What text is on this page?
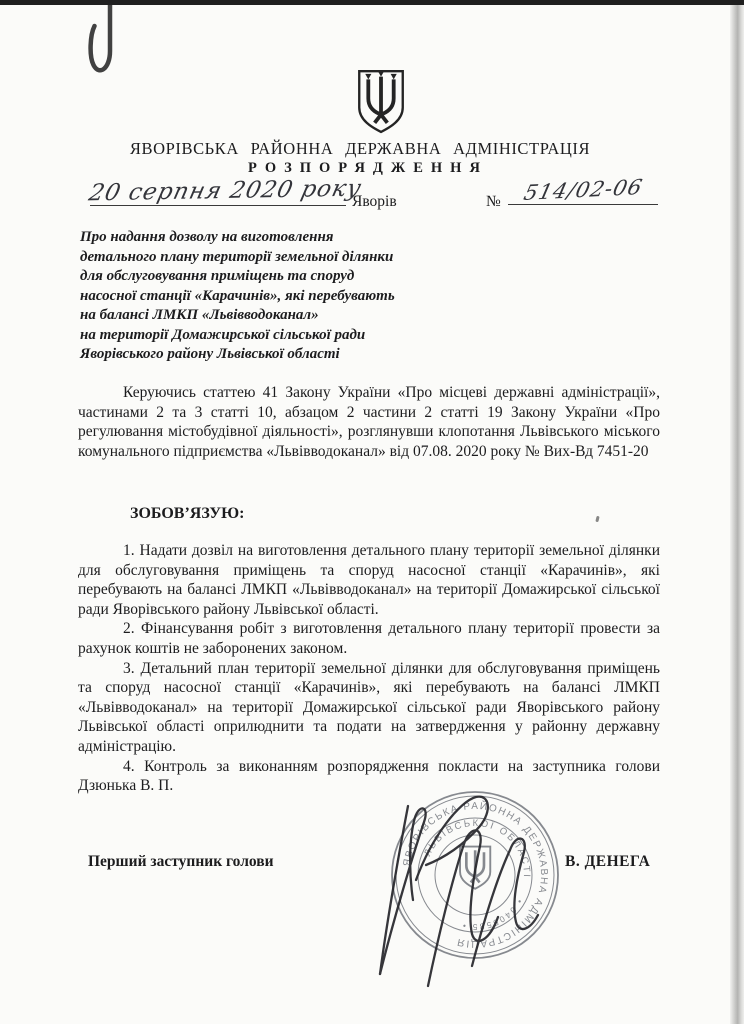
ЯВОРІВСЬКА РАЙОННА ДЕРЖАВНА АДМІНІСТРАЦІЯ
РОЗПОРЯДЖЕННЯ
20 серпня 2020 року
Яворів	№ 514/02-06
Про надання дозволу на виготовлення
детального плану території земельної ділянки
для обслуговування приміщень та споруд
насосної станції «Карачинів», які перебувають
на балансі ЛМКП «Львівводоканал»
на території Домажирської сільської ради
Яворівського району Львівської області

Керуючись статтею 41 Закону України «Про місцеві державні адміністрації», частинами 2 та 3 статті 10, абзацом 2 частини 2 статті 19 Закону України «Про регулювання містобудівної діяльності», розглянувши клопотання Львівського міського комунального підприємства «Львівводоканал» від 07.08. 2020 року № Вих-Вд 7451-20

ЗОБОВ’ЯЗУЮ:

1. Надати дозвіл на виготовлення детального плану території земельної ділянки для обслуговування приміщень та споруд насосної станції «Карачинів», які перебувають на балансі ЛМКП «Львівводоканал» на території Домажирської сільської ради Яворівського району Львівської області.

2. Фінансування робіт з виготовлення детального плану території провести за рахунок коштів не заборонених законом.

3. Детальний план території земельної ділянки для обслуговування приміщень та споруд насосної станції «Карачинів», які перебувають на балансі ЛМКП «Львівводоканал» на території Домажирської сільської ради Яворівського району Львівської області оприлюднити та подати на затвердження у районну державну адміністрацію.

4. Контроль за виконанням розпорядження покласти на заступника голови Дзюнька В. П.

Перший заступник голови	В. ДЕНЕГА
ЯВОРІВСЬКА РАЙОННА ДЕРЖАВНА АДМІНІСТРАЦІЯ
ЛЬВІВСЬКОЇ ОБЛАСТІ
• 0405585 •
